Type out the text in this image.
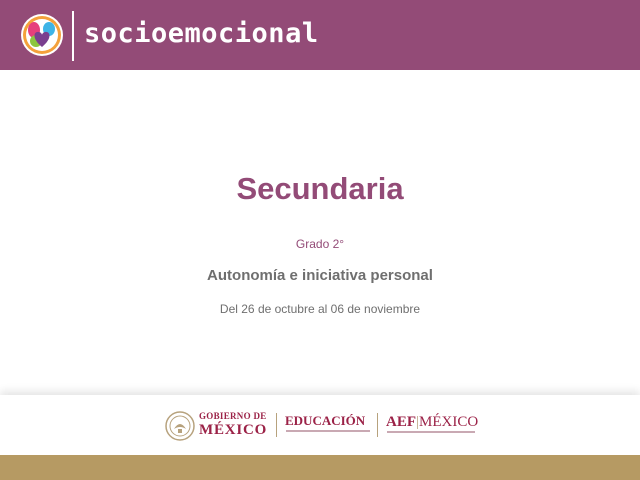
socioemocional
Secundaria
Grado 2°
Autonomía e iniciativa personal
Del 26 de octubre al 06 de noviembre
GOBIERNO DE
MÉXICO
EDUCACIÓN AEF|MÉXICO
